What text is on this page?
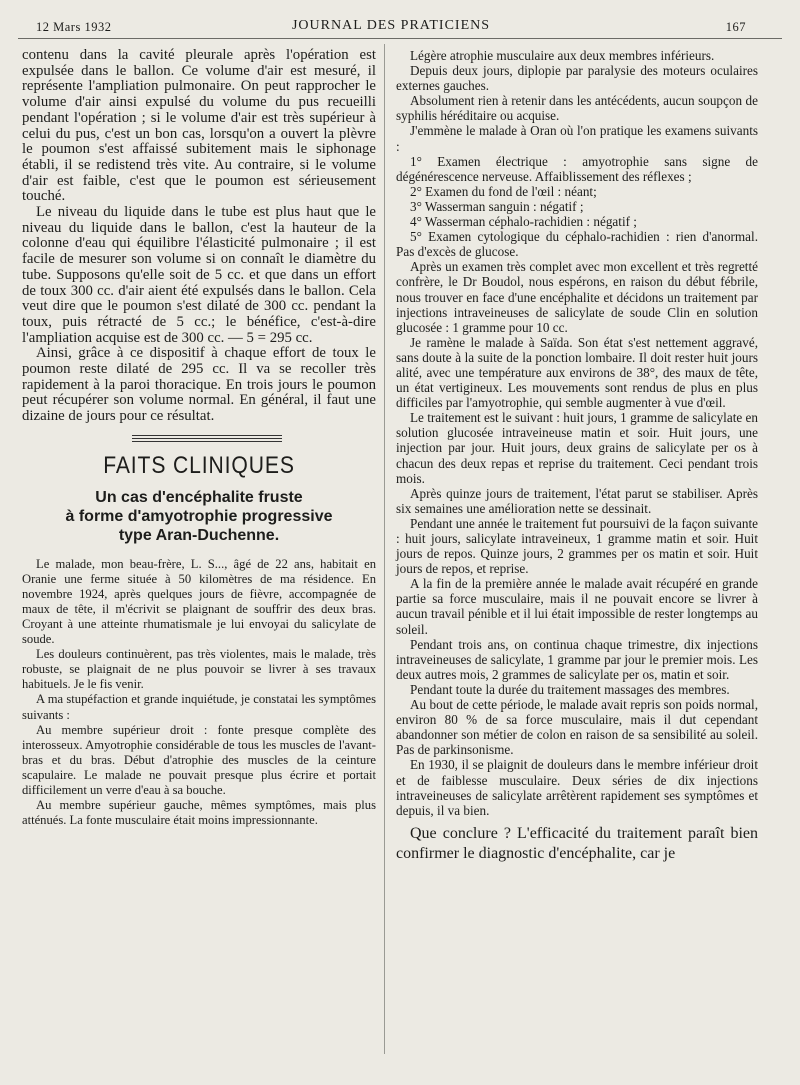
12 Mars 1932	JOURNAL DES PRATICIENS	167

contenu dans la cavité pleurale après l'opération est expulsée dans le ballon. Ce volume d'air est mesuré, il représente l'ampliation pulmonaire. On peut rapprocher le volume d'air ainsi expulsé du volume du pus recueilli pendant l'opération ; si le volume d'air est très supérieur à celui du pus, c'est un bon cas, lorsqu'on a ouvert la plèvre le poumon s'est affaissé subitement mais le siphonage établi, il se redistend très vite. Au contraire, si le volume d'air est faible, c'est que le poumon est sérieusement touché.

Le niveau du liquide dans le tube est plus haut que le niveau du liquide dans le ballon, c'est la hauteur de la colonne d'eau qui équilibre l'élasticité pulmonaire ; il est facile de mesurer son volume si on connaît le diamètre du tube. Supposons qu'elle soit de 5 cc. et que dans un effort de toux 300 cc. d'air aient été expulsés dans le ballon. Cela veut dire que le poumon s'est dilaté de 300 cc. pendant la toux, puis rétracté de 5 cc.; le bénéfice, c'est-à-dire l'ampliation acquise est de 300 cc. — 5 = 295 cc.

Ainsi, grâce à ce dispositif à chaque effort de toux le poumon reste dilaté de 295 cc. Il va se recoller très rapidement à la paroi thoracique. En trois jours le poumon peut récupérer son volume normal. En général, il faut une dizaine de jours pour ce résultat.

FAITS CLINIQUES
Un cas d'encéphalite fruste
à forme d'amyotrophie progressive
type Aran-Duchenne.

Le malade, mon beau-frère, L. S..., âgé de 22 ans, habitait en Oranie une ferme située à 50 kilomètres de ma résidence. En novembre 1924, après quelques jours de fièvre, accompagnée de maux de tête, il m'écrivit se plaignant de souffrir des deux bras. Croyant à une atteinte rhumatismale je lui envoyai du salicylate de soude.

Les douleurs continuèrent, pas très violentes, mais le malade, très robuste, se plaignait de ne plus pouvoir se livrer à ses travaux habituels. Je le fis venir.

A ma stupéfaction et grande inquiétude, je constatai les symptômes suivants :

Au membre supérieur droit : fonte presque complète des interosseux. Amyotrophie considérable de tous les muscles de l'avant-bras et du bras. Début d'atrophie des muscles de la ceinture scapulaire. Le malade ne pouvait presque plus écrire et portait difficilement un verre d'eau à sa bouche.

Au membre supérieur gauche, mêmes symptômes, mais plus atténués. La fonte musculaire était moins impressionnante.

Légère atrophie musculaire aux deux membres inférieurs.

Depuis deux jours, diplopie par paralysie des moteurs oculaires externes gauches.

Absolument rien à retenir dans les antécédents, aucun soupçon de syphilis héréditaire ou acquise.

J'emmène le malade à Oran où l'on pratique les examens suivants :

1° Examen électrique : amyotrophie sans signe de dégénérescence nerveuse. Affaiblissement des réflexes ;

2° Examen du fond de l'œil : néant;

3° Wasserman sanguin : négatif ;

4° Wasserman céphalo-rachidien : négatif ;

5° Examen cytologique du céphalo-rachidien : rien d'anormal. Pas d'excès de glucose.

Après un examen très complet avec mon excellent et très regretté confrère, le Dr Boudol, nous espérons, en raison du début fébrile, nous trouver en face d'une encéphalite et décidons un traitement par injections intraveineuses de salicylate de soude Clin en solution glucosée : 1 gramme pour 10 cc.

Je ramène le malade à Saïda. Son état s'est nettement aggravé, sans doute à la suite de la ponction lombaire. Il doit rester huit jours alité, avec une température aux environs de 38°, des maux de tête, un état vertigineux. Les mouvements sont rendus de plus en plus difficiles par l'amyotrophie, qui semble augmenter à vue d'œil.

Le traitement est le suivant : huit jours, 1 gramme de salicylate en solution glucosée intraveineuse matin et soir. Huit jours, une injection par jour. Huit jours, deux grains de salicylate per os à chacun des deux repas et reprise du traitement. Ceci pendant trois mois.

Après quinze jours de traitement, l'état parut se stabiliser. Après six semaines une amélioration nette se dessinait.

Pendant une année le traitement fut poursuivi de la façon suivante : huit jours, salicylate intraveineux, 1 gramme matin et soir. Huit jours de repos. Quinze jours, 2 grammes per os matin et soir. Huit jours de repos, et reprise.

A la fin de la première année le malade avait récupéré en grande partie sa force musculaire, mais il ne pouvait encore se livrer à aucun travail pénible et il lui était impossible de rester longtemps au soleil.

Pendant trois ans, on continua chaque trimestre, dix injections intraveineuses de salicylate, 1 gramme par jour le premier mois. Les deux autres mois, 2 grammes de salicylate per os, matin et soir.

Pendant toute la durée du traitement massages des membres.

Au bout de cette période, le malade avait repris son poids normal, environ 80 % de sa force musculaire, mais il dut cependant abandonner son métier de colon en raison de sa sensibilité au soleil. Pas de parkinsonisme.

En 1930, il se plaignit de douleurs dans le membre inférieur droit et de faiblesse musculaire. Deux séries de dix injections intraveineuses de salicylate arrêtèrent rapidement ses symptômes et depuis, il va bien.

Que conclure ? L'efficacité du traitement paraît bien confirmer le diagnostic d'encéphalite, car je
